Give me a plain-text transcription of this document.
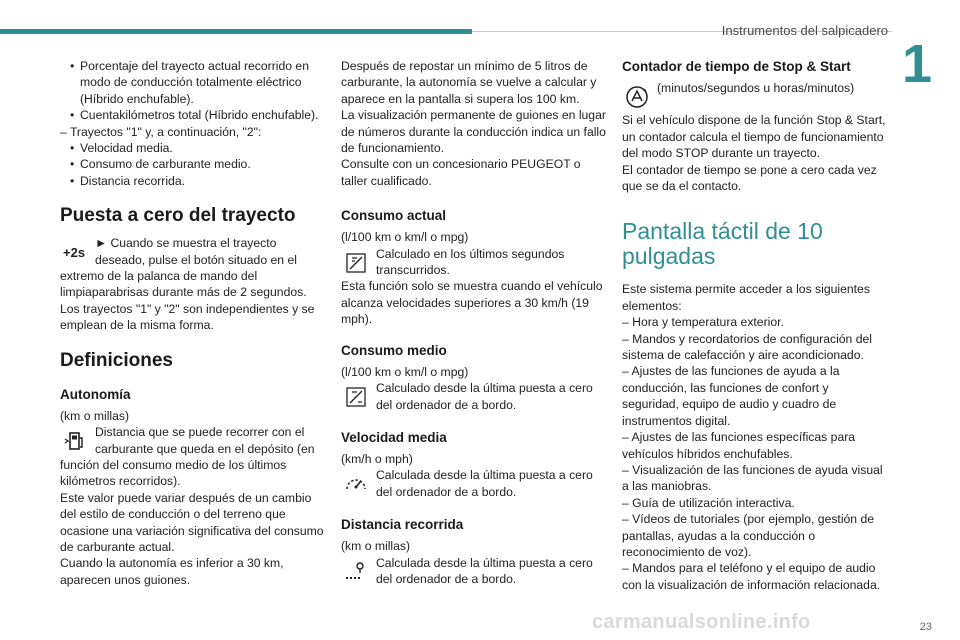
Instrumentos del salpicadero
1

• Porcentaje del trayecto actual recorrido en modo de conducción totalmente eléctrico (Híbrido enchufable).

• Cuentakilómetros total (Híbrido enchufable).

– Trayectos "1" y, a continuación, "2":

• Velocidad media.

• Consumo de carburante medio.

• Distancia recorrida.

Puesta a cero del trayecto
+2s

► Cuando se muestra el trayecto deseado, pulse el botón situado en el extremo de la palanca de mando del limpiaparabrisas durante más de 2 segundos.

Los trayectos "1" y "2" son independientes y se emplean de la misma forma.

Definiciones
Autonomía

(km o millas)

Distancia que se puede recorrer con el carburante que queda en el depósito (en función del consumo medio de los últimos kilómetros recorridos).

Este valor puede variar después de un cambio del estilo de conducción o del terreno que ocasione una variación significativa del consumo de carburante actual.

Cuando la autonomía es inferior a 30 km, aparecen unos guiones.

Después de repostar un mínimo de 5 litros de carburante, la autonomía se vuelve a calcular y aparece en la pantalla si supera los 100 km.

La visualización permanente de guiones en lugar de números durante la conducción indica un fallo de funcionamiento.

Consulte con un concesionario PEUGEOT o taller cualificado.

Consumo actual

(l/100 km o km/l o mpg)

Calculado en los últimos segundos transcurridos.

Esta función solo se muestra cuando el vehículo alcanza velocidades superiores a 30 km/h (19 mph).

Consumo medio

(l/100 km o km/l o mpg)

Calculado desde la última puesta a cero del ordenador de a bordo.

Velocidad media

(km/h o mph)

Calculada desde la última puesta a cero del ordenador de a bordo.

Distancia recorrida

(km o millas)

Calculada desde la última puesta a cero del ordenador de a bordo.

Contador de tiempo de Stop & Start

(minutos/segundos u horas/minutos)

Si el vehículo dispone de la función Stop & Start, un contador calcula el tiempo de funcionamiento del modo STOP durante un trayecto.

El contador de tiempo se pone a cero cada vez que se da el contacto.

Pantalla táctil de 10 pulgadas

Este sistema permite acceder a los siguientes elementos:

– Hora y temperatura exterior.

– Mandos y recordatorios de configuración del sistema de calefacción y aire acondicionado.

– Ajustes de las funciones de ayuda a la conducción, las funciones de confort y seguridad, equipo de audio y cuadro de instrumentos digital.

– Ajustes de las funciones específicas para vehículos híbridos enchufables.

– Visualización de las funciones de ayuda visual a las maniobras.

– Guía de utilización interactiva.

– Vídeos de tutoriales (por ejemplo, gestión de pantallas, ayudas a la conducción o reconocimiento de voz).

– Mandos para el teléfono y el equipo de audio con la visualización de información relacionada.

carmanualsonline.info	23
